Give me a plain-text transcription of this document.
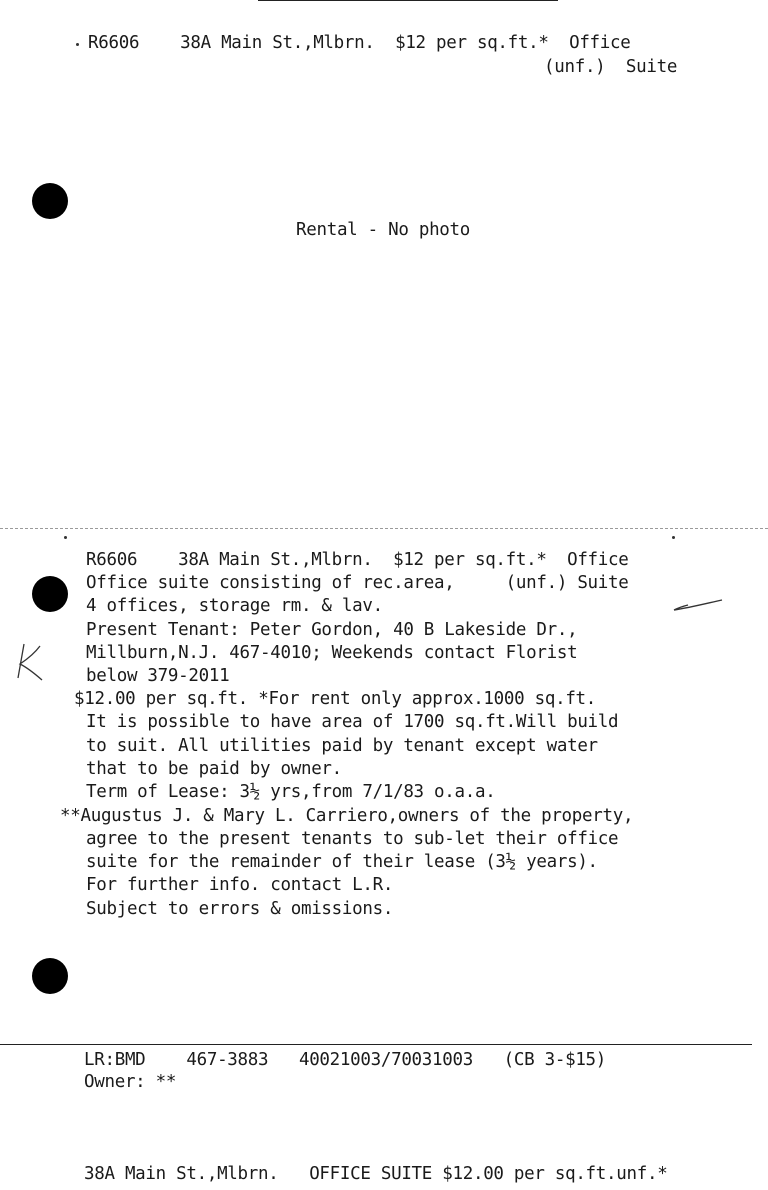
R6606    38A Main St.,Mlbrn.  $12 per sq.ft.*  Office
(unf.)  Suite
Rental - No photo
R6606    38A Main St.,Mlbrn.  $12 per sq.ft.*  Office
Office suite consisting of rec.area,     (unf.) Suite
4 offices, storage rm. & lav.
Present Tenant: Peter Gordon, 40 B Lakeside Dr.,
Millburn,N.J. 467-4010; Weekends contact Florist
below 379-2011
$12.00 per sq.ft. *For rent only approx.1000 sq.ft.
It is possible to have area of 1700 sq.ft.Will build
to suit. All utilities paid by tenant except water
that to be paid by owner.
Term of Lease: 3½ yrs,from 7/1/83 o.a.a.
**Augustus J. & Mary L. Carriero,owners of the property,
agree to the present tenants to sub-let their office
suite for the remainder of their lease (3½ years).
For further info. contact L.R.
Subject to errors & omissions.
LR:BMD    467-3883   40021003/70031003   (CB 3-$15)
Owner: **
38A Main St.,Mlbrn.   OFFICE SUITE $12.00 per sq.ft.unf.*
